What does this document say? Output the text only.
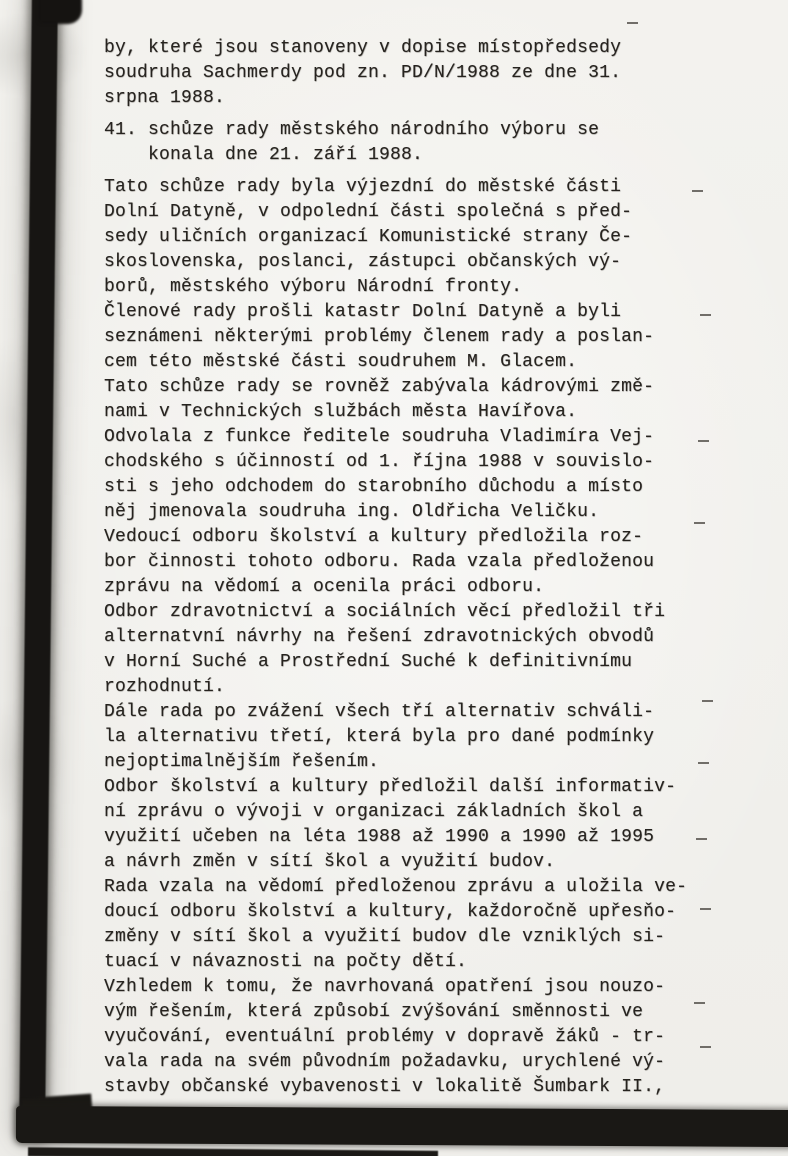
by, které jsou stanoveny v dopise místopředsedy
soudruha Sachmerdy pod zn. PD/N/1988 ze dne 31.
srpna 1988.
41. schůze rady městského národního výboru se
konala dne 21. září 1988.
Tato schůze rady byla výjezdní do městské části
Dolní Datyně, v odpolední části společná s před-
sedy uličních organizací Komunistické strany Če-
skoslovenska, poslanci, zástupci občanských vý-
borů, městského výboru Národní fronty.
Členové rady prošli katastr Dolní Datyně a byli
seznámeni některými problémy členem rady a poslan-
cem této městské části soudruhem M. Glacem.
Tato schůze rady se rovněž zabývala kádrovými změ-
nami v Technických službách města Havířova.
Odvolala z funkce ředitele soudruha Vladimíra Vej-
chodského s účinností od 1. října 1988 v souvislo-
sti s jeho odchodem do starobního důchodu a místo
něj jmenovala soudruha ing. Oldřicha Veličku.
Vedoucí odboru školství a kultury předložila roz-
bor činnosti tohoto odboru. Rada vzala předloženou
zprávu na vědomí a ocenila práci odboru.
Odbor zdravotnictví a sociálních věcí předložil tři
alternatvní návrhy na řešení zdravotnických obvodů
v Horní Suché a Prostřední Suché k definitivnímu
rozhodnutí.
Dále rada po zvážení všech tří alternativ schváli-
la alternativu třetí, která byla pro dané podmínky
nejoptimalnějším řešením.
Odbor školství a kultury předložil další informativ-
ní zprávu o vývoji v organizaci základních škol a
využití učeben na léta 1988 až 1990 a 1990 až 1995
a návrh změn v sítí škol a využití budov.
Rada vzala na vědomí předloženou zprávu a uložila ve-
doucí odboru školství a kultury, každoročně upřesňo-
změny v sítí škol a využití budov dle vzniklých si-
tuací v návaznosti na počty dětí.
Vzhledem k tomu, že navrhovaná opatření jsou nouzo-
vým řešením, která způsobí zvýšování směnnosti ve
vyučování, eventuální problémy v dopravě žáků - tr-
vala rada na svém původním požadavku, urychlené vý-
stavby občanské vybavenosti v lokalitě Šumbark II.,
